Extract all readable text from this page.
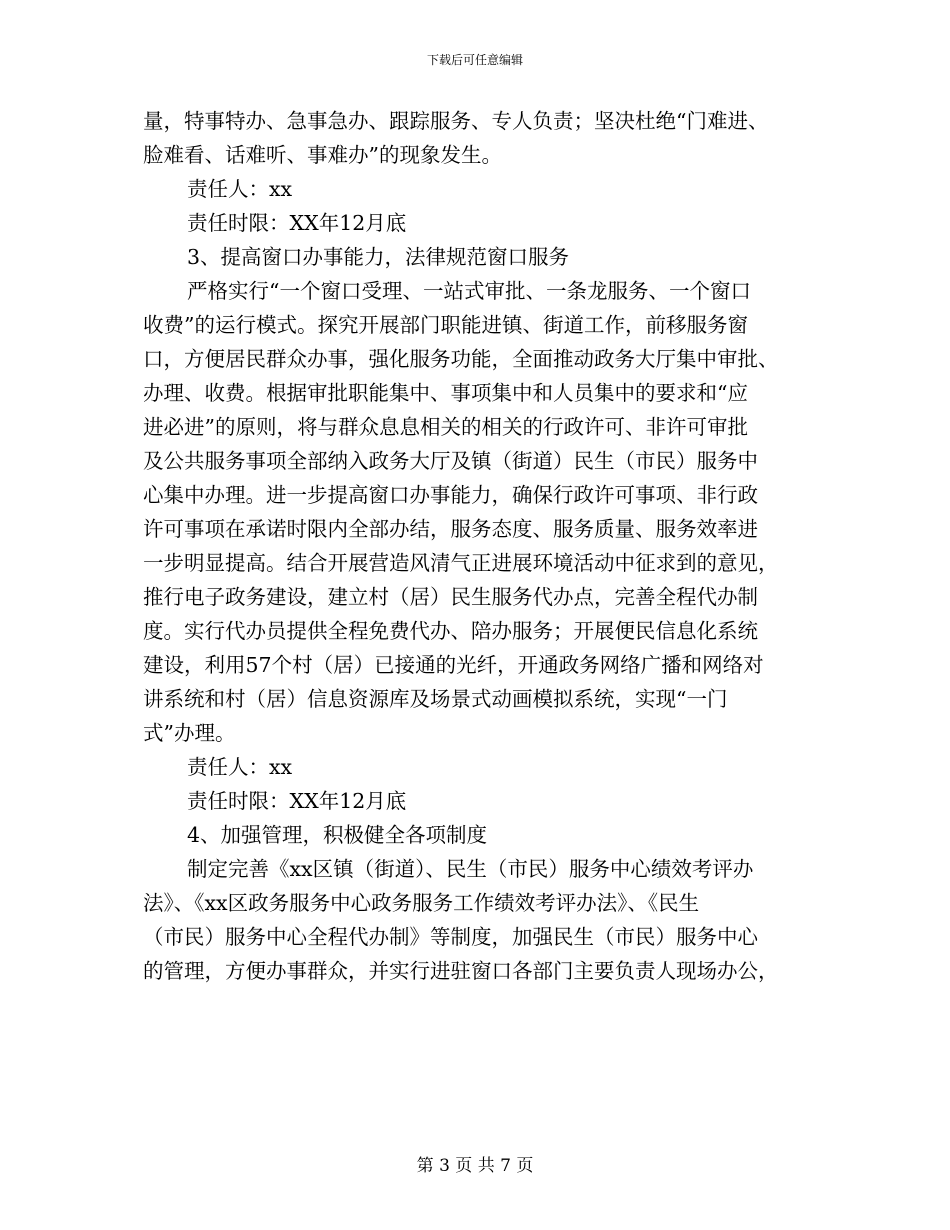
下载后可任意编辑
量，特事特办、急事急办、跟踪服务、专人负责；坚决杜绝“门难进、
脸难看、话难听、事难办”的现象发生。
责任人：xx
责任时限：XX年12月底
3、提高窗口办事能力，法律规范窗口服务
严格实行“一个窗口受理、一站式审批、一条龙服务、一个窗口
收费”的运行模式。探究开展部门职能进镇、街道工作，前移服务窗
口，方便居民群众办事，强化服务功能，全面推动政务大厅集中审批、
办理、收费。根据审批职能集中、事项集中和人员集中的要求和“应
进必进”的原则，将与群众息息相关的相关的行政许可、非许可审批
及公共服务事项全部纳入政务大厅及镇（街道）民生（市民）服务中
心集中办理。进一步提高窗口办事能力，确保行政许可事项、非行政
许可事项在承诺时限内全部办结，服务态度、服务质量、服务效率进
一步明显提高。结合开展营造风清气正进展环境活动中征求到的意见，
推行电子政务建设，建立村（居）民生服务代办点，完善全程代办制
度。实行代办员提供全程免费代办、陪办服务；开展便民信息化系统
建设，利用57个村（居）已接通的光纤，开通政务网络广播和网络对
讲系统和村（居）信息资源库及场景式动画模拟系统，实现“一门
式”办理。
责任人：xx
责任时限：XX年12月底
4、加强管理，积极健全各项制度
制定完善《xx区镇（街道）、民生（市民）服务中心绩效考评办
法》、《xx区政务服务中心政务服务工作绩效考评办法》、《民生
（市民）服务中心全程代办制》等制度，加强民生（市民）服务中心
的管理，方便办事群众，并实行进驻窗口各部门主要负责人现场办公，
第 3 页 共 7 页
